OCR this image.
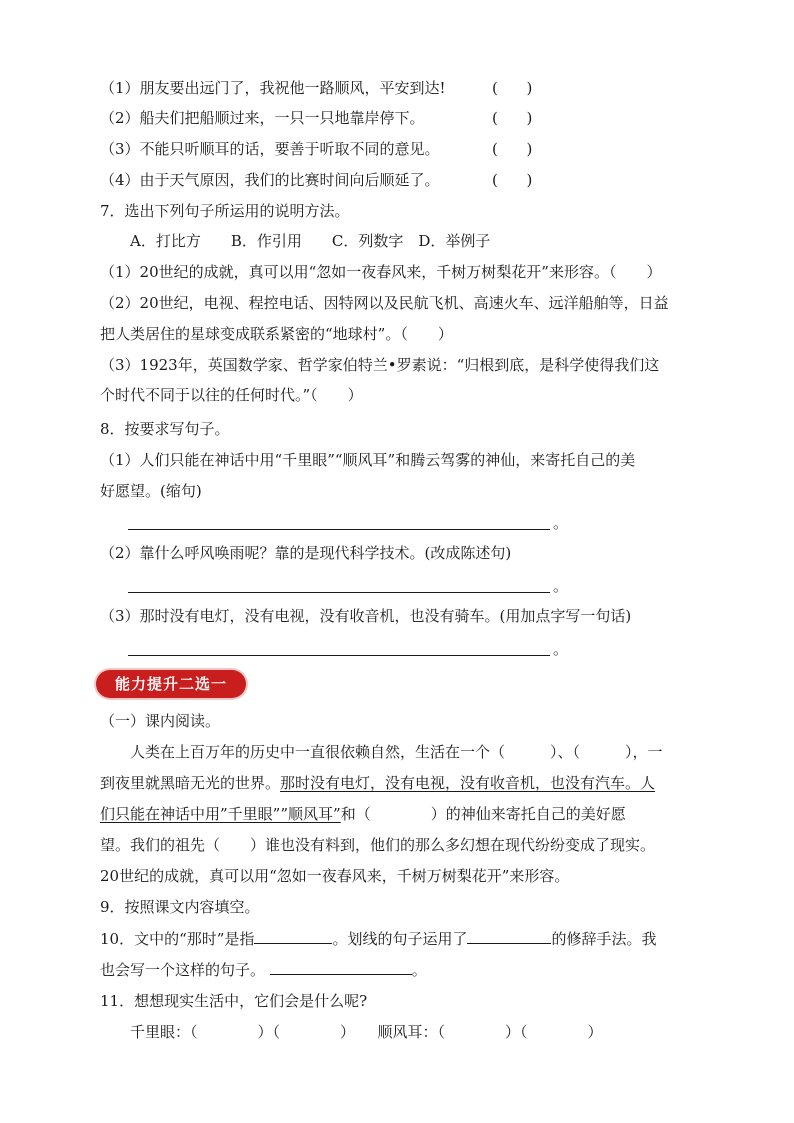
（1）朋友要出远门了，我祝他一路顺风，平安到达!	(      )
（2）船夫们把船顺过来，一只一只地靠岸停下。	(      )
（3）不能只听顺耳的话，要善于听取不同的意见。	(      )
（4）由于天气原因，我们的比赛时间向后顺延了。	(      )
7．选出下列句子所运用的说明方法。
A．打比方　　B．作引用　　C．列数字　D．举例子
（1）20世纪的成就，真可以用“忽如一夜春风来，千树万树梨花开”来形容。（　　）
（2）20世纪，电视、程控电话、因特网以及民航飞机、高速火车、远洋船舶等，日益
把人类居住的星球变成联系紧密的“地球村”。（　　）
（3）1923年，英国数学家、哲学家伯特兰•罗素说：“归根到底，是科学使得我们这
个时代不同于以往的任何时代。”（　　）
8．按要求写句子。
（1）人们只能在神话中用“千里眼”“顺风耳”和腾云驾雾的神仙，来寄托自己的美
好愿望。(缩句)
。
（2）靠什么呼风唤雨呢？靠的是现代科学技术。(改成陈述句)
。
（3）那时没有电灯，没有电视，没有收音机，也没有骑车。(用加点字写一句话)
。
能力提升二选一
（一）课内阅读。
　　人类在上百万年的历史中一直很依赖自然，生活在一个（　　　）、（　　　），一
到夜里就黑暗无光的世界。那时没有电灯，没有电视，没有收音机，也没有汽车。人
们只能在神话中用”千里眼””顺风耳”和（　　　　）的神仙来寄托自己的美好愿
望。我们的祖先（　　）谁也没有料到，他们的那么多幻想在现代纷纷变成了现实。
20世纪的成就，真可以用“忽如一夜春风来，千树万树梨花开”来形容。
9．按照课文内容填空。
10．文中的“那时”是指	。划线的句子运用了	的修辞手法。我
也会写一个这样的句子。	。
11．想想现实生活中，它们会是什么呢?
千里眼：（　　　　）（　　　　）　　顺风耳：（　　　　）（　　　　）
